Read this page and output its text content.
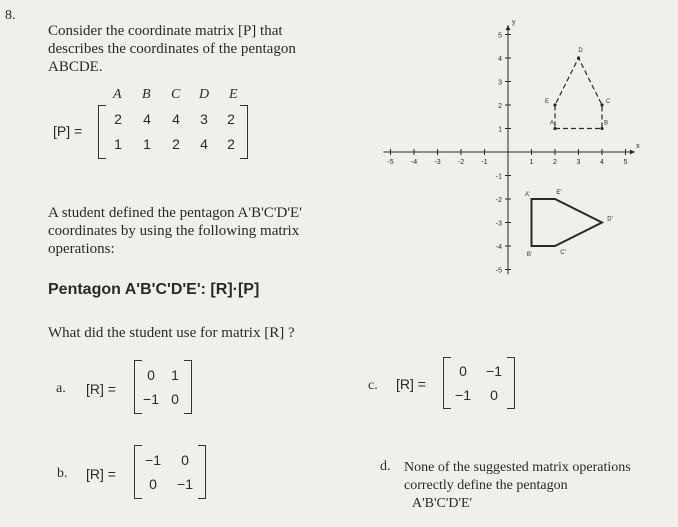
8.
Consider the coordinate matrix [P] that
describes the coordinates of the pentagon
ABCDE.
A B C D E
[P] =
2	4	4	3	2
1	1	2	4	2
A student defined the pentagon A'B'C'D'E'
coordinates by using the following matrix
operations:
Pentagon A'B'C'D'E': [R]·[P]
What did the student use for matrix [R] ?
a. [R] =
0	1
−1 0
b. [R] =
−1	0
0	−1
c. [R] =
0	−1
−1	0
d. None of the suggested matrix operations
correctly define the pentagon
A'B'C'D'E'
x
y
-5 -4 -3 -2 -1	1	2	3	4	5
5
4
3
2
1
-1
-2
-3
-4
-5
A	B
C
D
E
A'
B'	C'
D'
E'
